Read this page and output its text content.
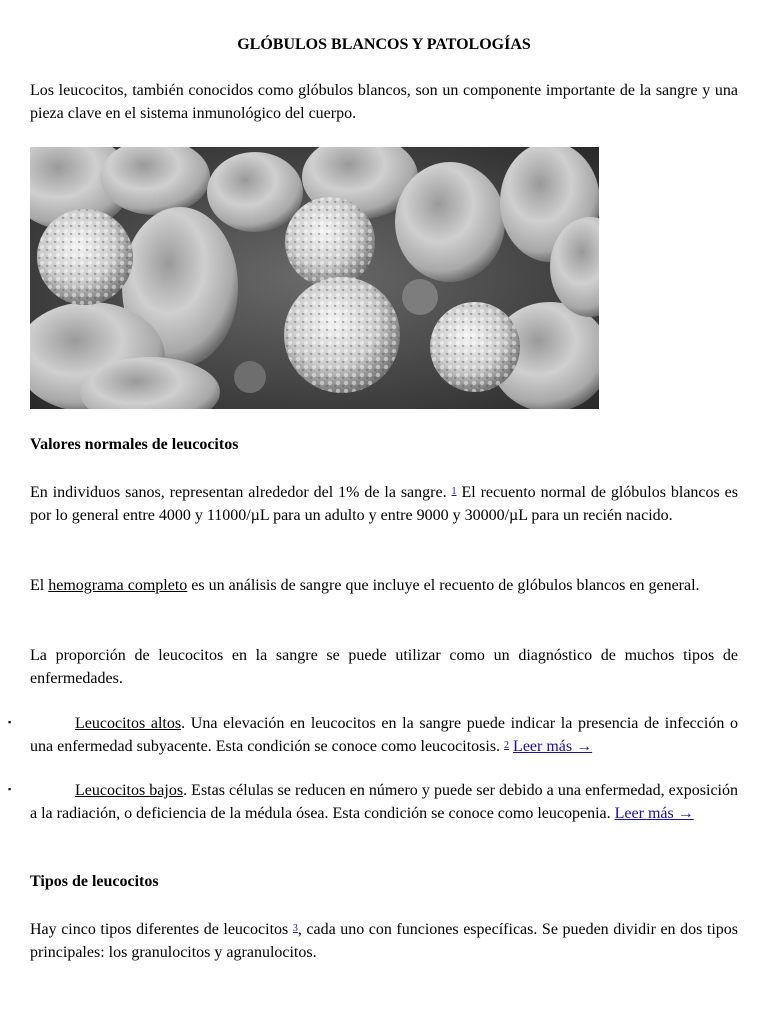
GLÓBULOS BLANCOS Y PATOLOGÍAS

Los leucocitos, también conocidos como glóbulos blancos, son un componente importante de la sangre y una pieza clave en el sistema inmunológico del cuerpo.

Valores normales de leucocitos

En individuos sanos, representan alrededor del 1% de la sangre. $^1$ El recuento normal de glóbulos blancos es por lo general entre 4000 y 11000/µL para un adulto y entre 9000 y 30000/µL para un recién nacido.

El hemograma completo es un análisis de sangre que incluye el recuento de glóbulos blancos en general.

La proporción de leucocitos en la sangre se puede utilizar como un diagnóstico de muchos tipos de enfermedades.

▪	Leucocitos altos. Una elevación en leucocitos en la sangre puede indicar la presencia de infección o una enfermedad subyacente. Esta condición se conoce como leucocitosis. $^2$ Leer más →

▪	Leucocitos bajos. Estas células se reducen en número y puede ser debido a una enfermedad, exposición a la radiación, o deficiencia de la médula ósea. Esta condición se conoce como leucopenia. Leer más →

Tipos de leucocitos

Hay cinco tipos diferentes de leucocitos $^3$, cada uno con funciones específicas. Se pueden dividir en dos tipos principales: los granulocitos y agranulocitos.
